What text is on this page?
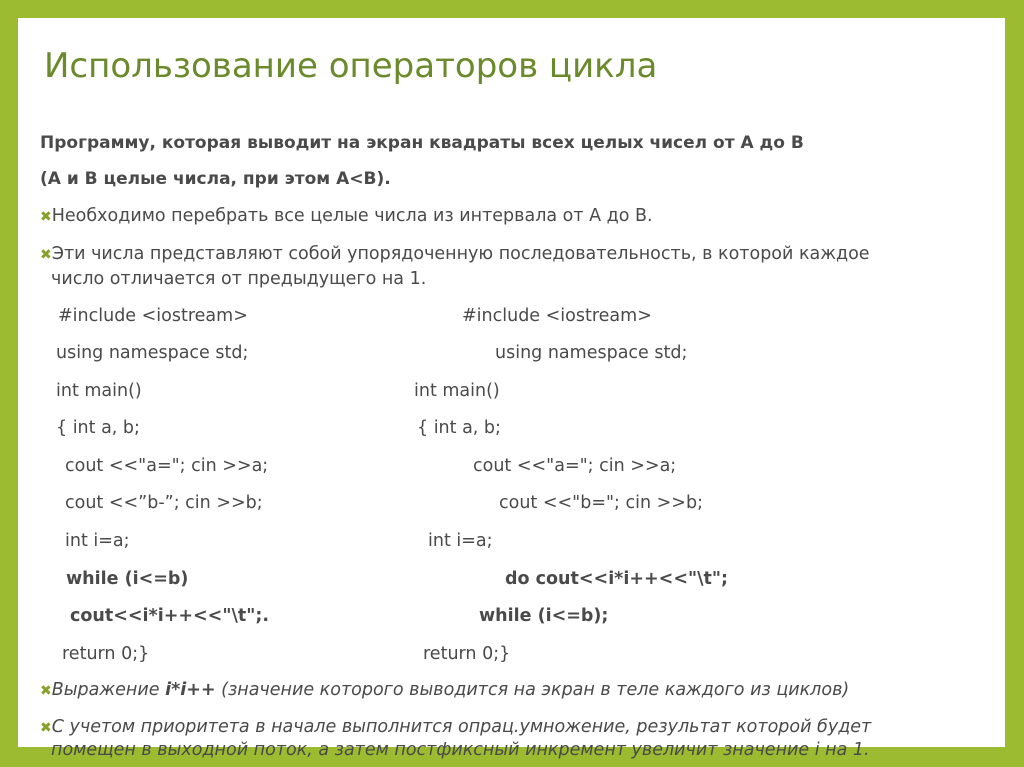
Использование операторов цикла
Программу, которая выводит на экран квадраты всех целых чисел от А до В
(А и В целые числа, при этом А<В).
✖Необходимо перебрать все целые числа из интервала от А до В.
✖Эти числа представляют собой упорядоченную последовательность, в которой каждое
число отличается от предыдущего на 1.
#include <iostream>
using namespace std;
int main()
{ int a, b;
cout <<"a="; cin >>a;
cout <<”b-”; cin >>b;
int i=a;
while (i<=b)
cout<<i*i++<<"\t";.
return 0;}
#include <iostream>
using namespace std;
int main()
{ int a, b;
cout <<"a="; cin >>a;
cout <<"b="; cin >>b;
int i=a;
do cout<<i*i++<<"\t";
while (i<=b);
return 0;}
✖Выражение i*i++ (значение которого выводится на экран в теле каждого из циклов)
✖С учетом приоритета в начале выполнится опрац.умножение, результат которой будет
помещен в выходной поток, а затем постфиксный инкремент увеличит значение i на 1.
